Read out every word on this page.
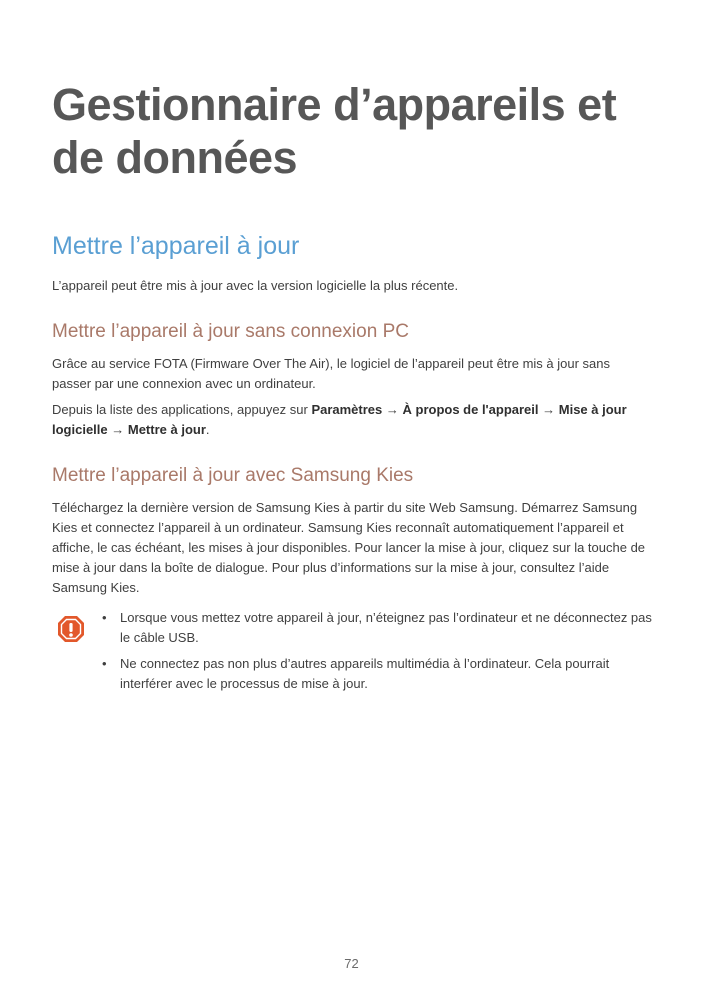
Gestionnaire d’appareils et de données
Mettre l’appareil à jour

L’appareil peut être mis à jour avec la version logicielle la plus récente.

Mettre l’appareil à jour sans connexion PC

Grâce au service FOTA (Firmware Over The Air), le logiciel de l’appareil peut être mis à jour sans passer par une connexion avec un ordinateur.

Depuis la liste des applications, appuyez sur Paramètres → À propos de l'appareil → Mise à jour logicielle → Mettre à jour.

Mettre l’appareil à jour avec Samsung Kies

Téléchargez la dernière version de Samsung Kies à partir du site Web Samsung. Démarrez Samsung Kies et connectez l’appareil à un ordinateur. Samsung Kies reconnaît automatiquement l’appareil et affiche, le cas échéant, les mises à jour disponibles. Pour lancer la mise à jour, cliquez sur la touche de mise à jour dans la boîte de dialogue. Pour plus d’informations sur la mise à jour, consultez l’aide Samsung Kies.

• Lorsque vous mettez votre appareil à jour, n’éteignez pas l’ordinateur et ne déconnectez pas le câble USB.
• Ne connectez pas non plus d’autres appareils multimédia à l’ordinateur. Cela pourrait interférer avec le processus de mise à jour.
72
